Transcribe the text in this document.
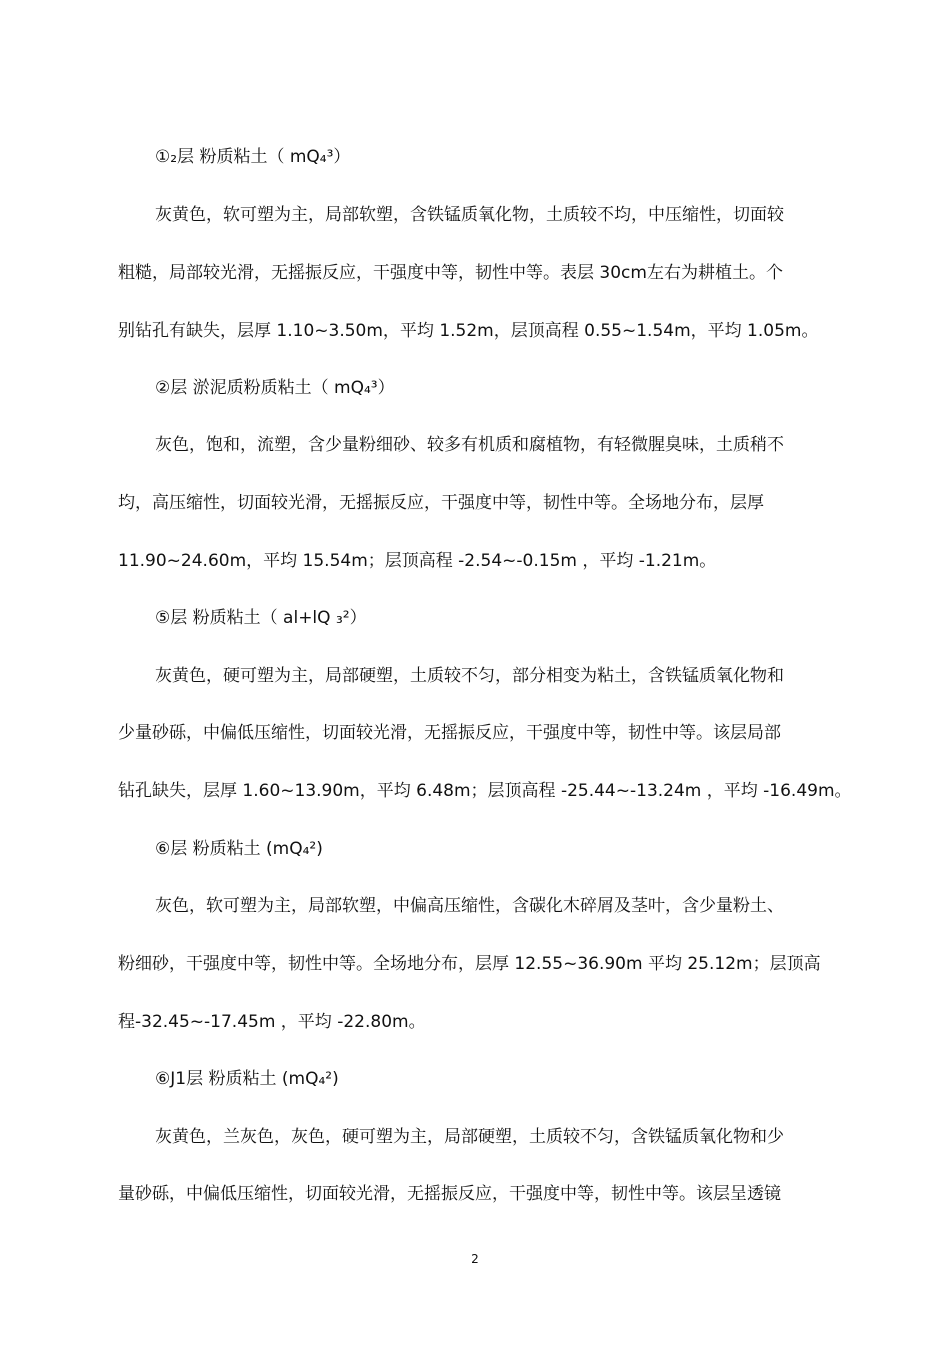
①₂层 粉质粘土（ mQ₄³）
灰黄色，软可塑为主，局部软塑，含铁锰质氧化物，土质较不均，中压缩性，切面较
粗糙，局部较光滑，无摇振反应，干强度中等，韧性中等。表层 30cm左右为耕植土。个
别钻孔有缺失，层厚 1.10~3.50m，平均 1.52m，层顶高程 0.55~1.54m，平均 1.05m。
②层 淤泥质粉质粘土（ mQ₄³）
灰色，饱和，流塑，含少量粉细砂、较多有机质和腐植物，有轻微腥臭味，土质稍不
均，高压缩性，切面较光滑，无摇振反应，干强度中等，韧性中等。全场地分布，层厚
11.90~24.60m，平均 15.54m；层顶高程 -2.54~-0.15m ，平均 -1.21m。
⑤层 粉质粘土（ al+lQ ₃²）
灰黄色，硬可塑为主，局部硬塑，土质较不匀，部分相变为粘土，含铁锰质氧化物和
少量砂砾，中偏低压缩性，切面较光滑，无摇振反应，干强度中等，韧性中等。该层局部
钻孔缺失，层厚 1.60~13.90m，平均 6.48m；层顶高程 -25.44~-13.24m ，平均 -16.49m。
⑥层 粉质粘土 (mQ₄²)
灰色，软可塑为主，局部软塑，中偏高压缩性，含碳化木碎屑及茎叶，含少量粉土、
粉细砂，干强度中等，韧性中等。全场地分布，层厚 12.55~36.90m 平均 25.12m；层顶高
程-32.45~-17.45m ，平均 -22.80m。
⑥J1层 粉质粘土 (mQ₄²)
灰黄色，兰灰色，灰色，硬可塑为主，局部硬塑，土质较不匀，含铁锰质氧化物和少
量砂砾，中偏低压缩性，切面较光滑，无摇振反应，干强度中等，韧性中等。该层呈透镜
2
